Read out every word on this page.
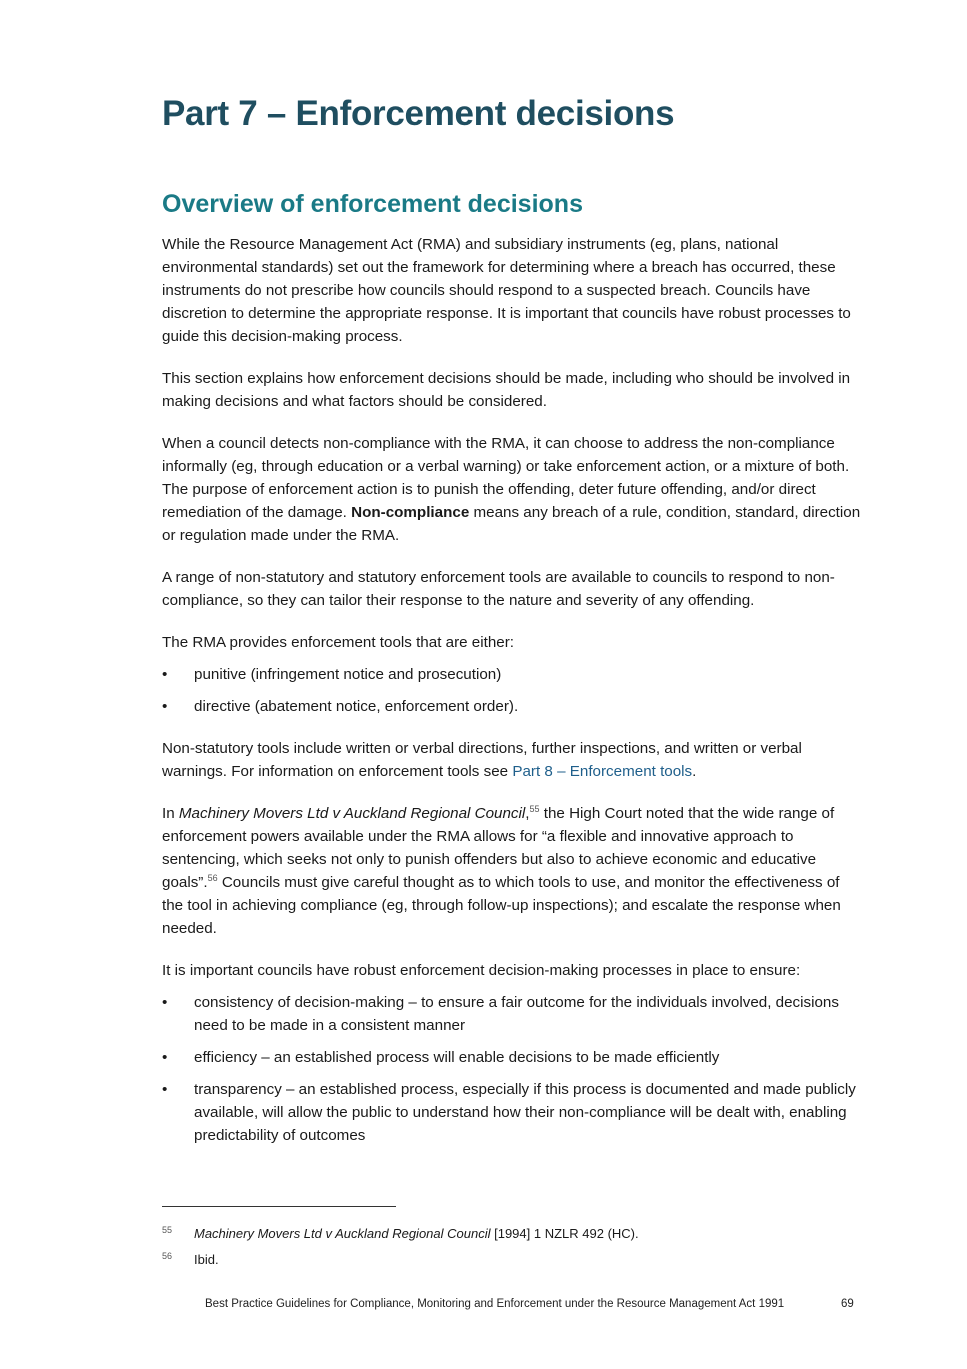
Part 7 – Enforcement decisions
Overview of enforcement decisions

While the Resource Management Act (RMA) and subsidiary instruments (eg, plans, national environmental standards) set out the framework for determining where a breach has occurred, these instruments do not prescribe how councils should respond to a suspected breach. Councils have discretion to determine the appropriate response. It is important that councils have robust processes to guide this decision-making process.

This section explains how enforcement decisions should be made, including who should be involved in making decisions and what factors should be considered.

When a council detects non-compliance with the RMA, it can choose to address the non-compliance informally (eg, through education or a verbal warning) or take enforcement action, or a mixture of both. The purpose of enforcement action is to punish the offending, deter future offending, and/or direct remediation of the damage. Non-compliance means any breach of a rule, condition, standard, direction or regulation made under the RMA.

A range of non-statutory and statutory enforcement tools are available to councils to respond to non-compliance, so they can tailor their response to the nature and severity of any offending.

The RMA provides enforcement tools that are either:

• punitive (infringement notice and prosecution)
• directive (abatement notice, enforcement order).

Non-statutory tools include written or verbal directions, further inspections, and written or verbal warnings. For information on enforcement tools see Part 8 – Enforcement tools.

In Machinery Movers Ltd v Auckland Regional Council,$^{55}$ the High Court noted that the wide range of enforcement powers available under the RMA allows for “a flexible and innovative approach to sentencing, which seeks not only to punish offenders but also to achieve economic and educative goals”.$^{56}$ Councils must give careful thought as to which tools to use, and monitor the effectiveness of the tool in achieving compliance (eg, through follow-up inspections); and escalate the response when needed.

It is important councils have robust enforcement decision-making processes in place to ensure:

• consistency of decision-making – to ensure a fair outcome for the individuals involved, decisions need to be made in a consistent manner
• efficiency – an established process will enable decisions to be made efficiently
• transparency – an established process, especially if this process is documented and made publicly available, will allow the public to understand how their non-compliance will be dealt with, enabling predictability of outcomes
55 Machinery Movers Ltd v Auckland Regional Council [1994] 1 NZLR 492 (HC).
56 Ibid.
Best Practice Guidelines for Compliance, Monitoring and Enforcement under the Resource Management Act 1991	69
